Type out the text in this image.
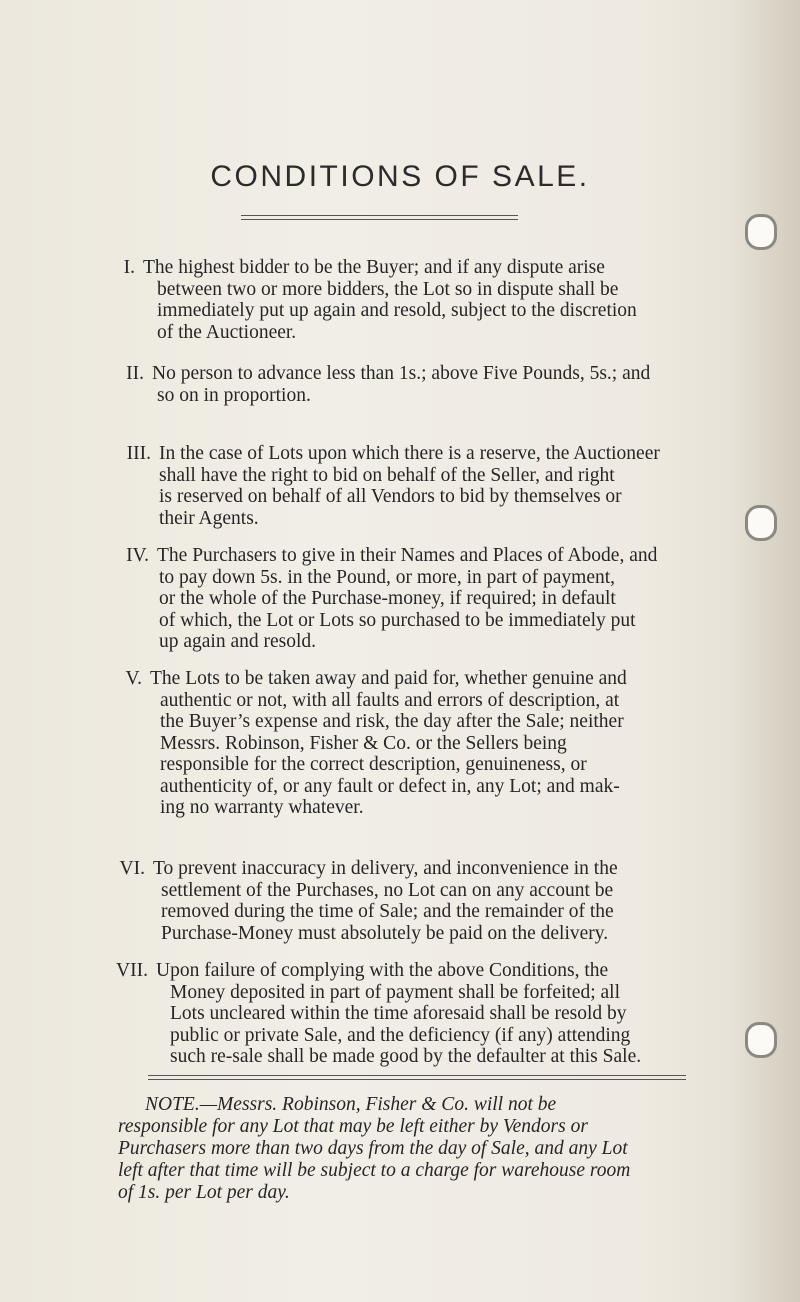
CONDITIONS OF SALE.
I. The highest bidder to be the Buyer; and if any dispute arise
between two or more bidders, the Lot so in dispute shall be
immediately put up again and resold, subject to the discretion
of the Auctioneer.
II. No person to advance less than 1s.; above Five Pounds, 5s.; and
so on in proportion.
III. In the case of Lots upon which there is a reserve, the Auctioneer
shall have the right to bid on behalf of the Seller, and right
is reserved on behalf of all Vendors to bid by themselves or
their Agents.
IV. The Purchasers to give in their Names and Places of Abode, and
to pay down 5s. in the Pound, or more, in part of payment,
or the whole of the Purchase-money, if required; in default
of which, the Lot or Lots so purchased to be immediately put
up again and resold.
V. The Lots to be taken away and paid for, whether genuine and
authentic or not, with all faults and errors of description, at
the Buyer’s expense and risk, the day after the Sale; neither
Messrs. Robinson, Fisher & Co. or the Sellers being
responsible for the correct description, genuineness, or
authenticity of, or any fault or defect in, any Lot; and mak-
ing no warranty whatever.
VI. To prevent inaccuracy in delivery, and inconvenience in the
settlement of the Purchases, no Lot can on any account be
removed during the time of Sale; and the remainder of the
Purchase-Money must absolutely be paid on the delivery.
VII. Upon failure of complying with the above Conditions, the
Money deposited in part of payment shall be forfeited; all
Lots uncleared within the time aforesaid shall be resold by
public or private Sale, and the deficiency (if any) attending
such re-sale shall be made good by the defaulter at this Sale.
NOTE.—Messrs. Robinson, Fisher & Co. will not be
responsible for any Lot that may be left either by Vendors or
Purchasers more than two days from the day of Sale, and any Lot
left after that time will be subject to a charge for warehouse room
of 1s. per Lot per day.
